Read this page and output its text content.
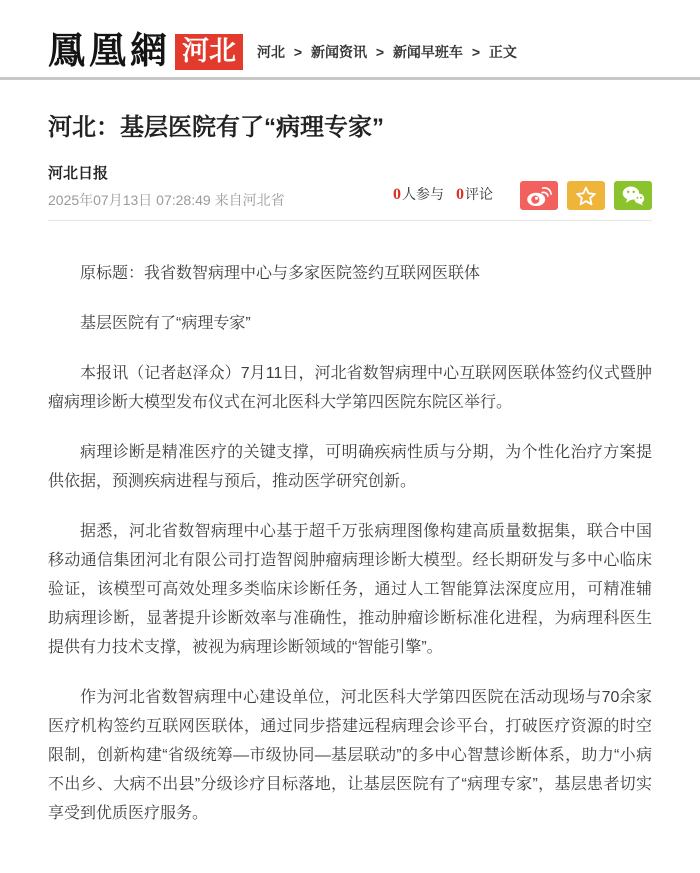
鳳凰網 河北	河北 > 新闻资讯 > 新闻早班车 > 正文
河北：基层医院有了“病理专家”
河北日报
2025年07月13日 07:28:49 来自河北省	0人参与 0评论

原标题：我省数智病理中心与多家医院签约互联网医联体

基层医院有了“病理专家”

本报讯（记者赵泽众）7月11日，河北省数智病理中心互联网医联体签约仪式暨肿瘤病理诊断大模型发布仪式在河北医科大学第四医院东院区举行。

病理诊断是精准医疗的关键支撑，可明确疾病性质与分期，为个性化治疗方案提供依据，预测疾病进程与预后，推动医学研究创新。

据悉，河北省数智病理中心基于超千万张病理图像构建高质量数据集，联合中国移动通信集团河北有限公司打造智阅肿瘤病理诊断大模型。经长期研发与多中心临床验证，该模型可高效处理多类临床诊断任务，通过人工智能算法深度应用，可精准辅助病理诊断，显著提升诊断效率与准确性，推动肿瘤诊断标准化进程，为病理科医生提供有力技术支撑，被视为病理诊断领域的“智能引擎”。

作为河北省数智病理中心建设单位，河北医科大学第四医院在活动现场与70余家医疗机构签约互联网医联体，通过同步搭建远程病理会诊平台，打破医疗资源的时空限制，创新构建“省级统筹—市级协同—基层联动”的多中心智慧诊断体系，助力“小病不出乡、大病不出县”分级诊疗目标落地，让基层医院有了“病理专家”，基层患者切实享受到优质医疗服务。
